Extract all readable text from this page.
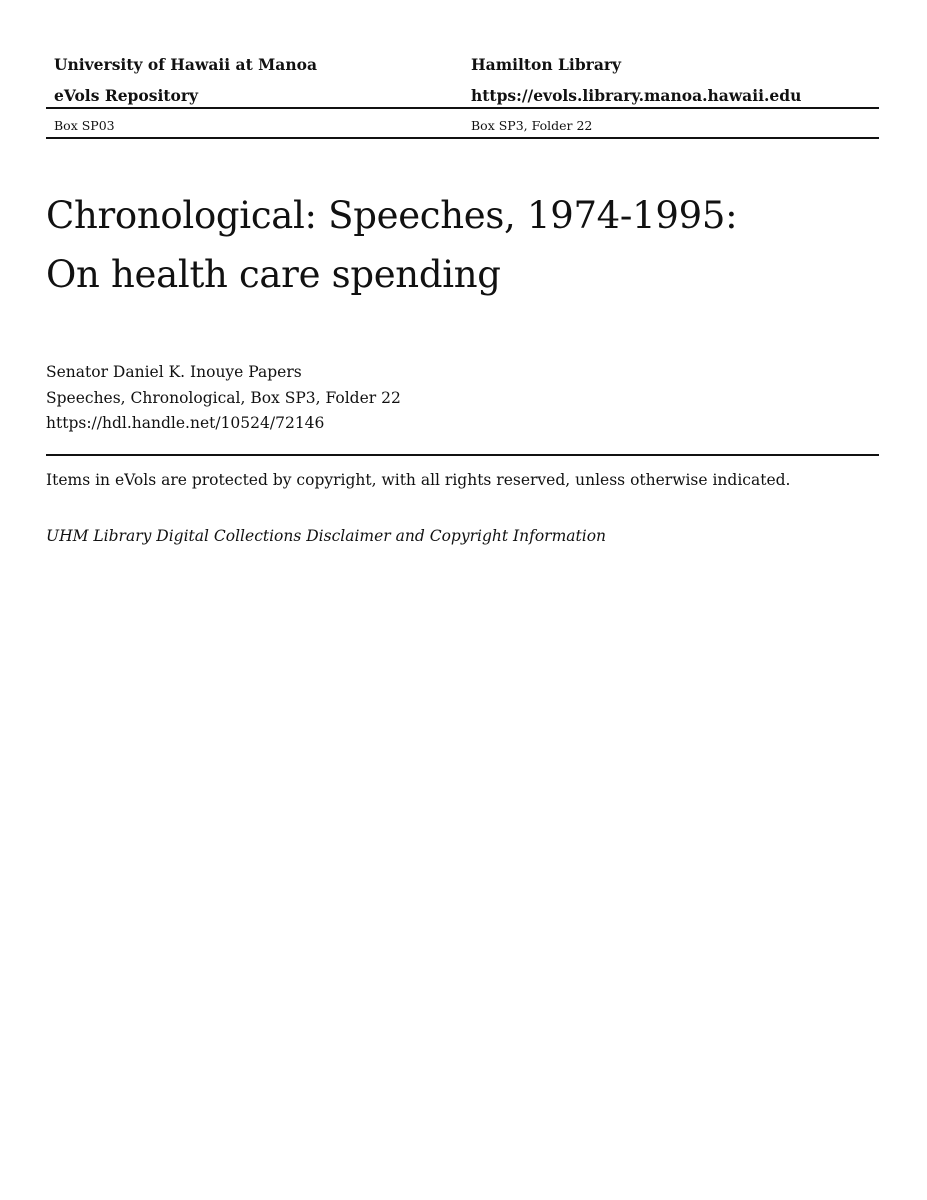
University of Hawaii at Manoa	Hamilton Library
eVols Repository	https://evols.library.manoa.hawaii.edu
Box SP03	Box SP3, Folder 22
Chronological: Speeches, 1974-1995:
On health care spending
Senator Daniel K. Inouye Papers
Speeches, Chronological, Box SP3, Folder 22
https://hdl.handle.net/10524/72146
Items in eVols are protected by copyright, with all rights reserved, unless otherwise indicated.
UHM Library Digital Collections Disclaimer and Copyright Information
